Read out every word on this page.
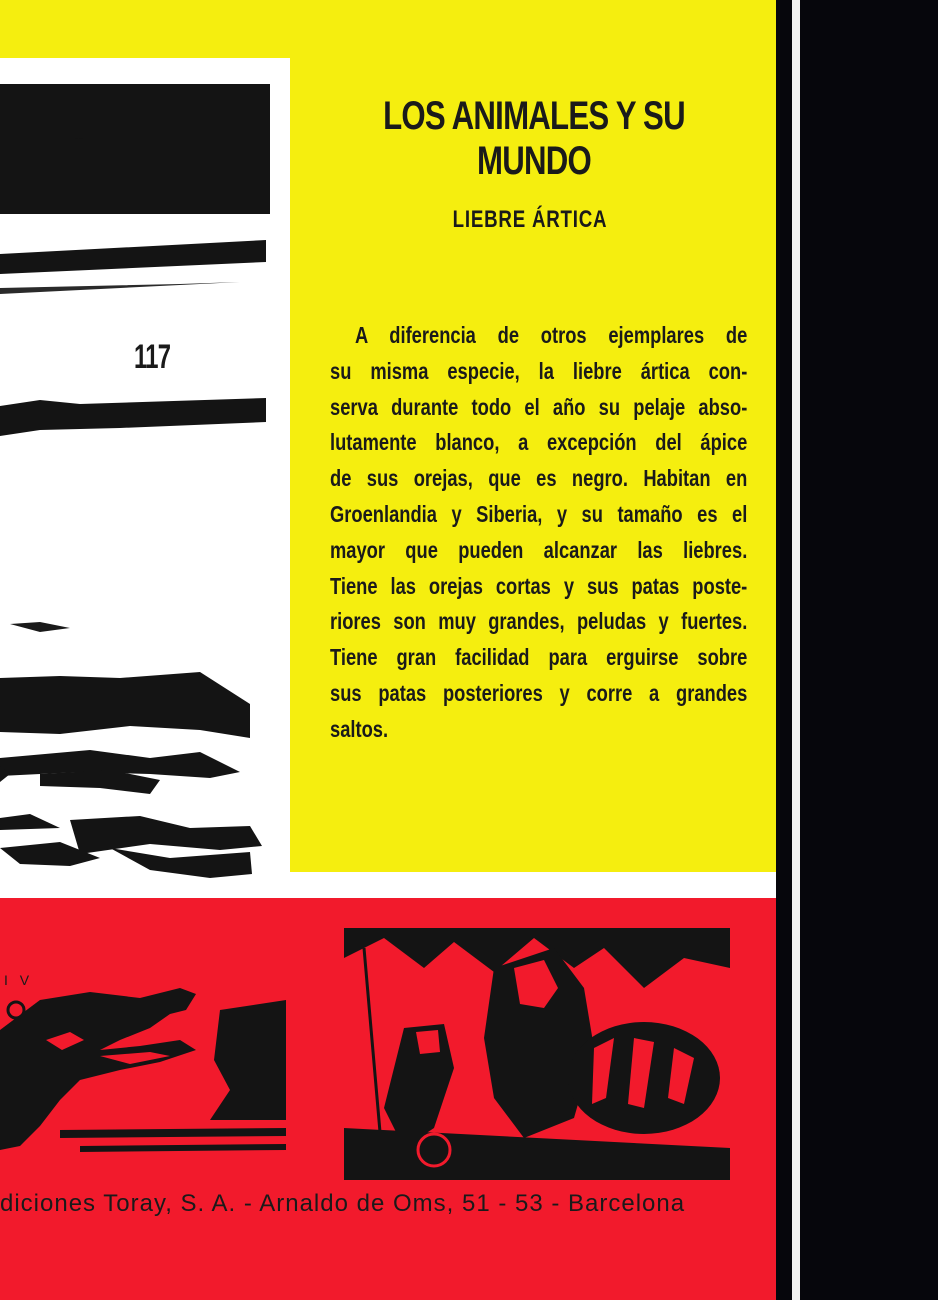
117
LOS ANIMALES Y SU MUNDO
LIEBRE ÁRTICA
A diferencia de otros ejemplares de
su misma especie, la liebre ártica con-
serva durante todo el año su pelaje abso-
lutamente blanco, a excepción del ápice
de sus orejas, que es negro. Habitan en
Groenlandia y Siberia, y su tamaño es el
mayor que pueden alcanzar las liebres.
Tiene las orejas cortas y sus patas poste-
riores son muy grandes, peludas y fuertes.
Tiene gran facilidad para erguirse sobre
sus patas posteriores y corre a grandes
saltos.
I V
diciones Toray, S. A. - Arnaldo de Oms, 51 - 53 - Barcelona
